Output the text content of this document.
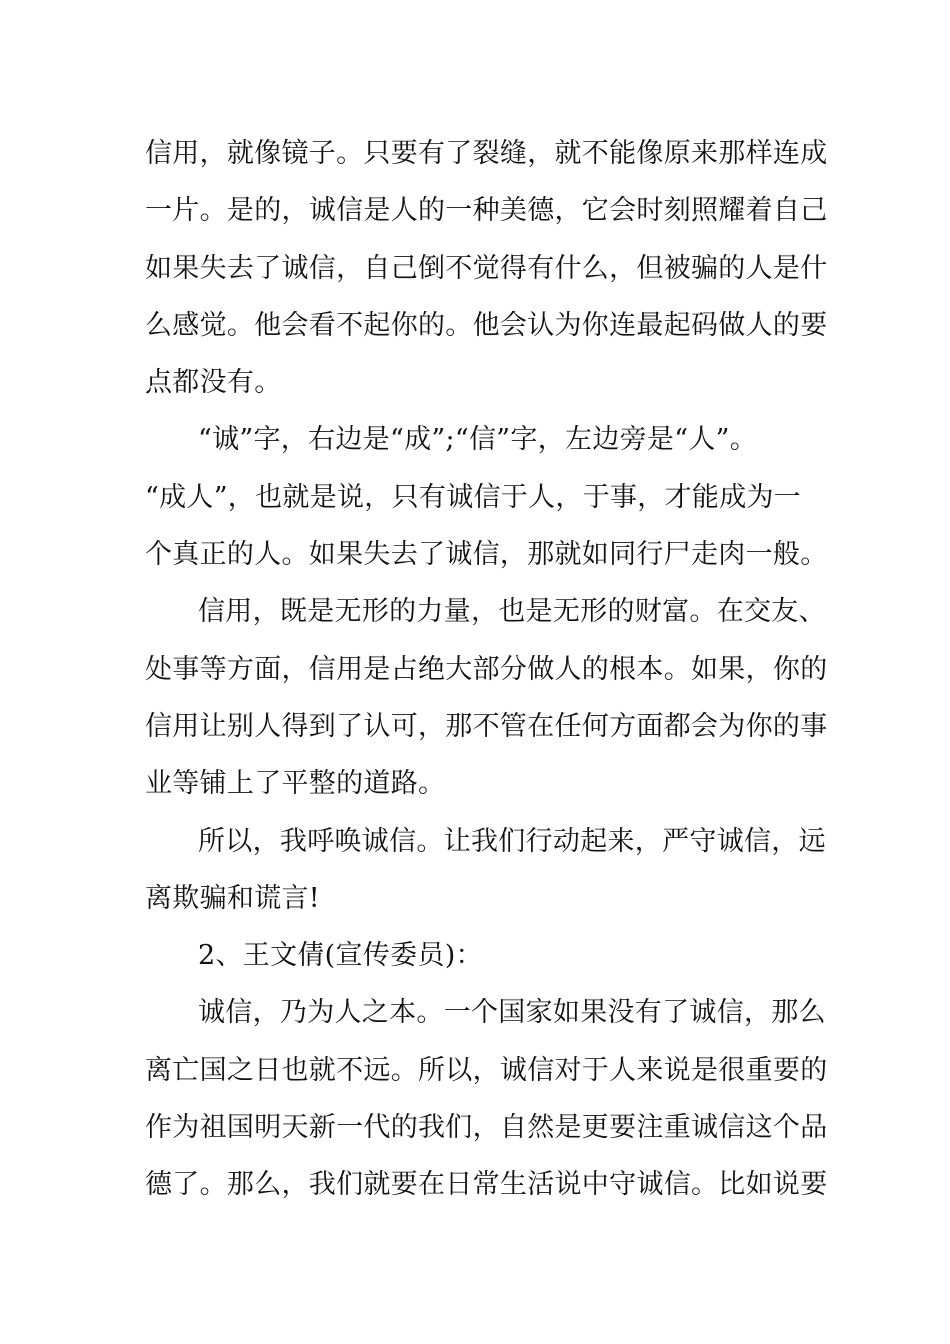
信用，就像镜子。只要有了裂缝，就不能像原来那样连成
一片。是的，诚信是人的一种美德，它会时刻照耀着自己
如果失去了诚信，自己倒不觉得有什么，但被骗的人是什
么感觉。他会看不起你的。他会认为你连最起码做人的要
点都没有。
“诚”字，右边是“成”;“信”字，左边旁是“人”。
“成人”，也就是说，只有诚信于人，于事，才能成为一
个真正的人。如果失去了诚信，那就如同行尸走肉一般。
信用，既是无形的力量，也是无形的财富。在交友、
处事等方面，信用是占绝大部分做人的根本。如果，你的
信用让别人得到了认可，那不管在任何方面都会为你的事
业等铺上了平整的道路。
所以，我呼唤诚信。让我们行动起来，严守诚信，远
离欺骗和谎言!
2、王文倩(宣传委员)：
诚信，乃为人之本。一个国家如果没有了诚信，那么
离亡国之日也就不远。所以，诚信对于人来说是很重要的
作为祖国明天新一代的我们，自然是更要注重诚信这个品
德了。那么，我们就要在日常生活说中守诚信。比如说要
